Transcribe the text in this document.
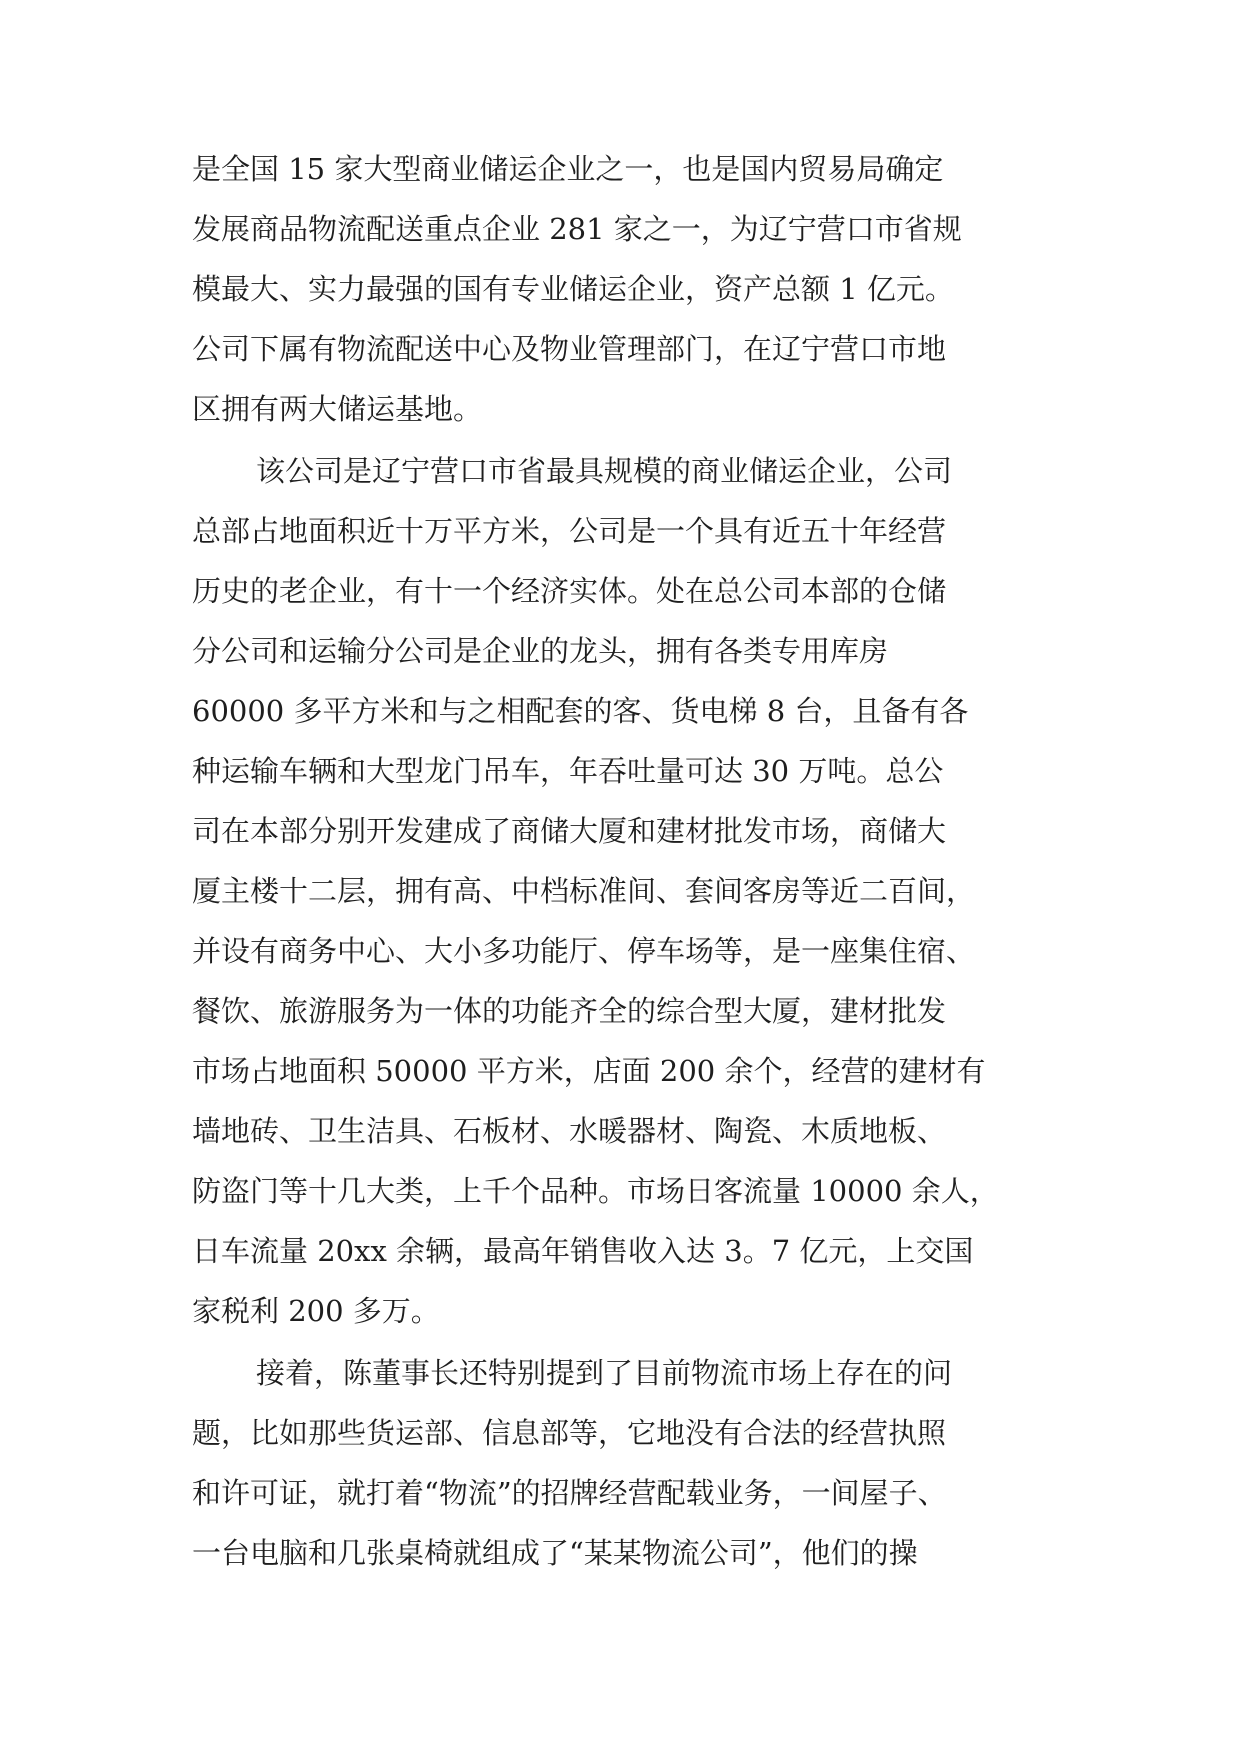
是全国 15 家大型商业储运企业之一，也是国内贸易局确定
发展商品物流配送重点企业 281 家之一，为辽宁营口市省规
模最大、实力最强的国有专业储运企业，资产总额 1 亿元。
公司下属有物流配送中心及物业管理部门，在辽宁营口市地
区拥有两大储运基地。
该公司是辽宁营口市省最具规模的商业储运企业，公司
总部占地面积近十万平方米，公司是一个具有近五十年经营
历史的老企业，有十一个经济实体。处在总公司本部的仓储
分公司和运输分公司是企业的龙头，拥有各类专用库房
60000 多平方米和与之相配套的客、货电梯 8 台，且备有各
种运输车辆和大型龙门吊车，年吞吐量可达 30 万吨。总公
司在本部分别开发建成了商储大厦和建材批发市场，商储大
厦主楼十二层，拥有高、中档标准间、套间客房等近二百间，
并设有商务中心、大小多功能厅、停车场等，是一座集住宿、
餐饮、旅游服务为一体的功能齐全的综合型大厦，建材批发
市场占地面积 50000 平方米，店面 200 余个，经营的建材有
墙地砖、卫生洁具、石板材、水暖器材、陶瓷、木质地板、
防盗门等十几大类，上千个品种。市场日客流量 10000 余人，
日车流量 20xx 余辆，最高年销售收入达 3。7 亿元，上交国
家税利 200 多万。
接着，陈董事长还特别提到了目前物流市场上存在的问
题，比如那些货运部、信息部等，它地没有合法的经营执照
和许可证，就打着“物流”的招牌经营配载业务，一间屋子、
一台电脑和几张桌椅就组成了“某某物流公司”，他们的操
